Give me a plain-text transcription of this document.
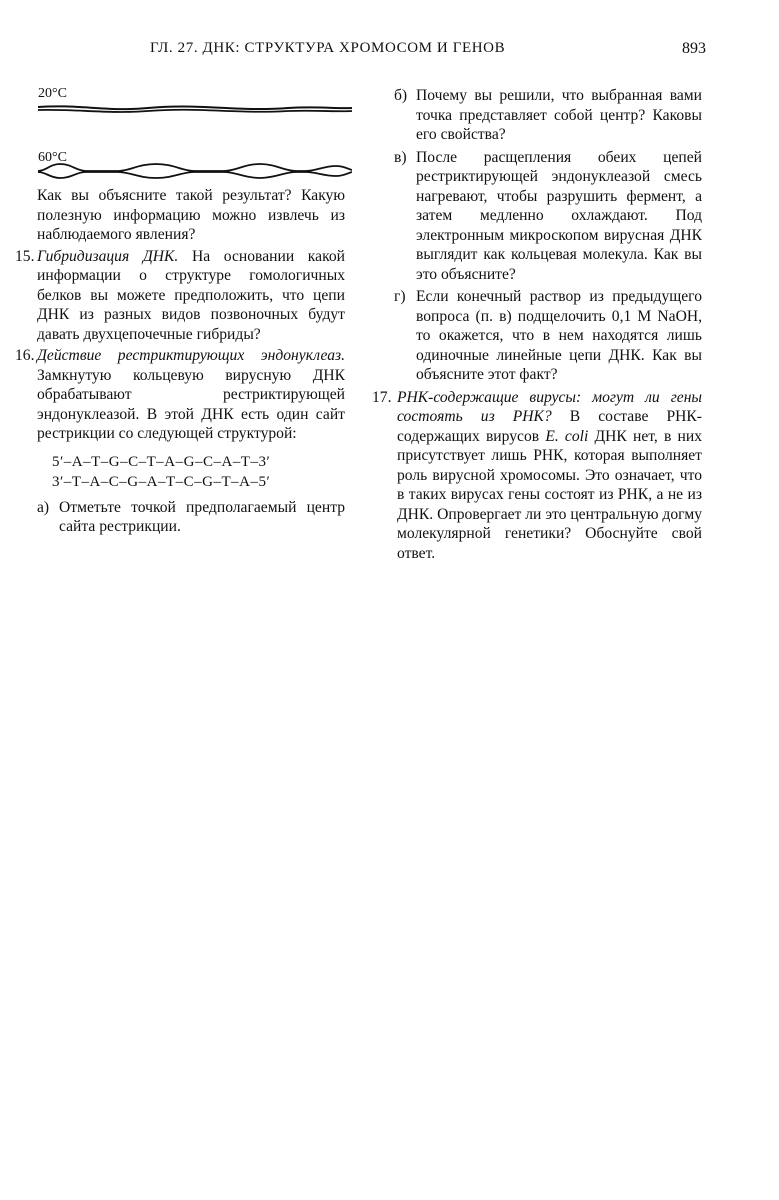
ГЛ. 27. ДНК: СТРУКТУРА ХРОМОСОМ И ГЕНОВ	893
20°C
60°C

Как вы объясните такой результат? Какую полезную информацию можно извлечь из наблюдаемого явления?

15. Гибридизация ДНК. На основании какой информации о структуре гомологичных белков вы можете предположить, что цепи ДНК из разных видов позвоночных будут давать двухцепочечные гибриды?
16. Действие рестриктирующих эндонуклеаз. Замкнутую кольцевую вирусную ДНК обрабатывают рестриктирующей эндонуклеазой. В этой ДНК есть один сайт рестрикции со следующей структурой:
5′–A–T–G–C–T–A–G–C–A–T–3′
3′–T–A–C–G–A–T–C–G–T–A–5′
а) Отметьте точкой предполагаемый центр сайта рестрикции.
б) Почему вы решили, что выбранная вами точка представляет собой центр? Каковы его свойства?
в) После расщепления обеих цепей рестриктирующей эндонуклеазой смесь нагревают, чтобы разрушить фермент, а затем медленно охлаждают. Под электронным микроскопом вирусная ДНК выглядит как кольцевая молекула. Как вы это объясните?
г) Если конечный раствор из предыдущего вопроса (п. в) подщелочить 0,1 M NaOH, то окажется, что в нем находятся лишь одиночные линейные цепи ДНК. Как вы объясните этот факт?
17. РНК-содержащие вирусы: могут ли гены состоять из РНК? В составе РНК-содержащих вирусов E. coli ДНК нет, в них присутствует лишь РНК, которая выполняет роль вирусной хромосомы. Это означает, что в таких вирусах гены состоят из РНК, а не из ДНК. Опровергает ли это центральную догму молекулярной генетики? Обоснуйте свой ответ.
